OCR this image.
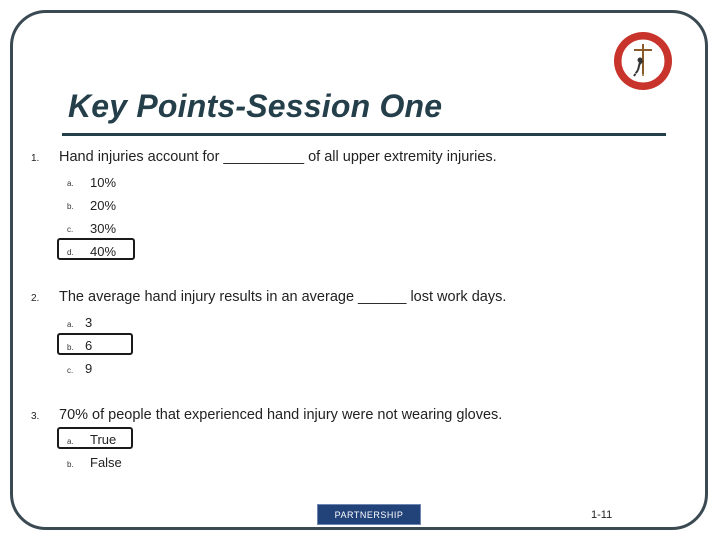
Key Points-Session One
1. Hand injuries account for __________ of all upper extremity injuries.
a. 10%
b. 20%
c. 30%
d. 40%
2. The average hand injury results in an average ______ lost work days.
a. 3
b. 6
c. 9
3. 70% of people that experienced hand injury were not wearing gloves.
a. True
b. False
PARTNERSHIP	1-11
